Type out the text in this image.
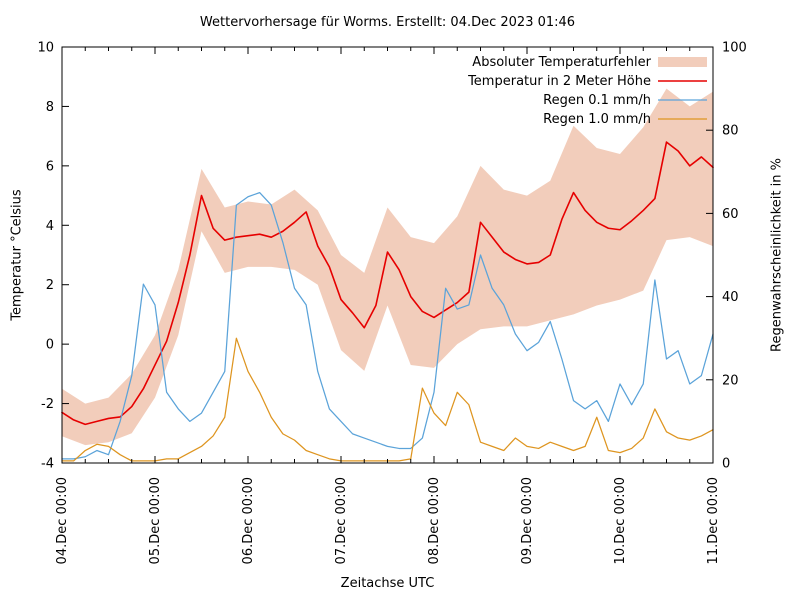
Wettervorhersage für Worms. Erstellt: 04.Dec 2023 01:46
Temperatur °Celsius	Regenwahrscheinlichkeit in %
Zeitachse UTC
10
8
6
4
2
0
-2
-4
100
80
60
40
20
0
04.Dec 00:00	05.Dec 00:00	06.Dec 00:00	07.Dec 00:00	08.Dec 00:00	09.Dec 00:00	10.Dec 00:00	11.Dec 00:00
Absoluter Temperaturfehler
Temperatur in 2 Meter Höhe
Regen 0.1 mm/h
Regen 1.0 mm/h
